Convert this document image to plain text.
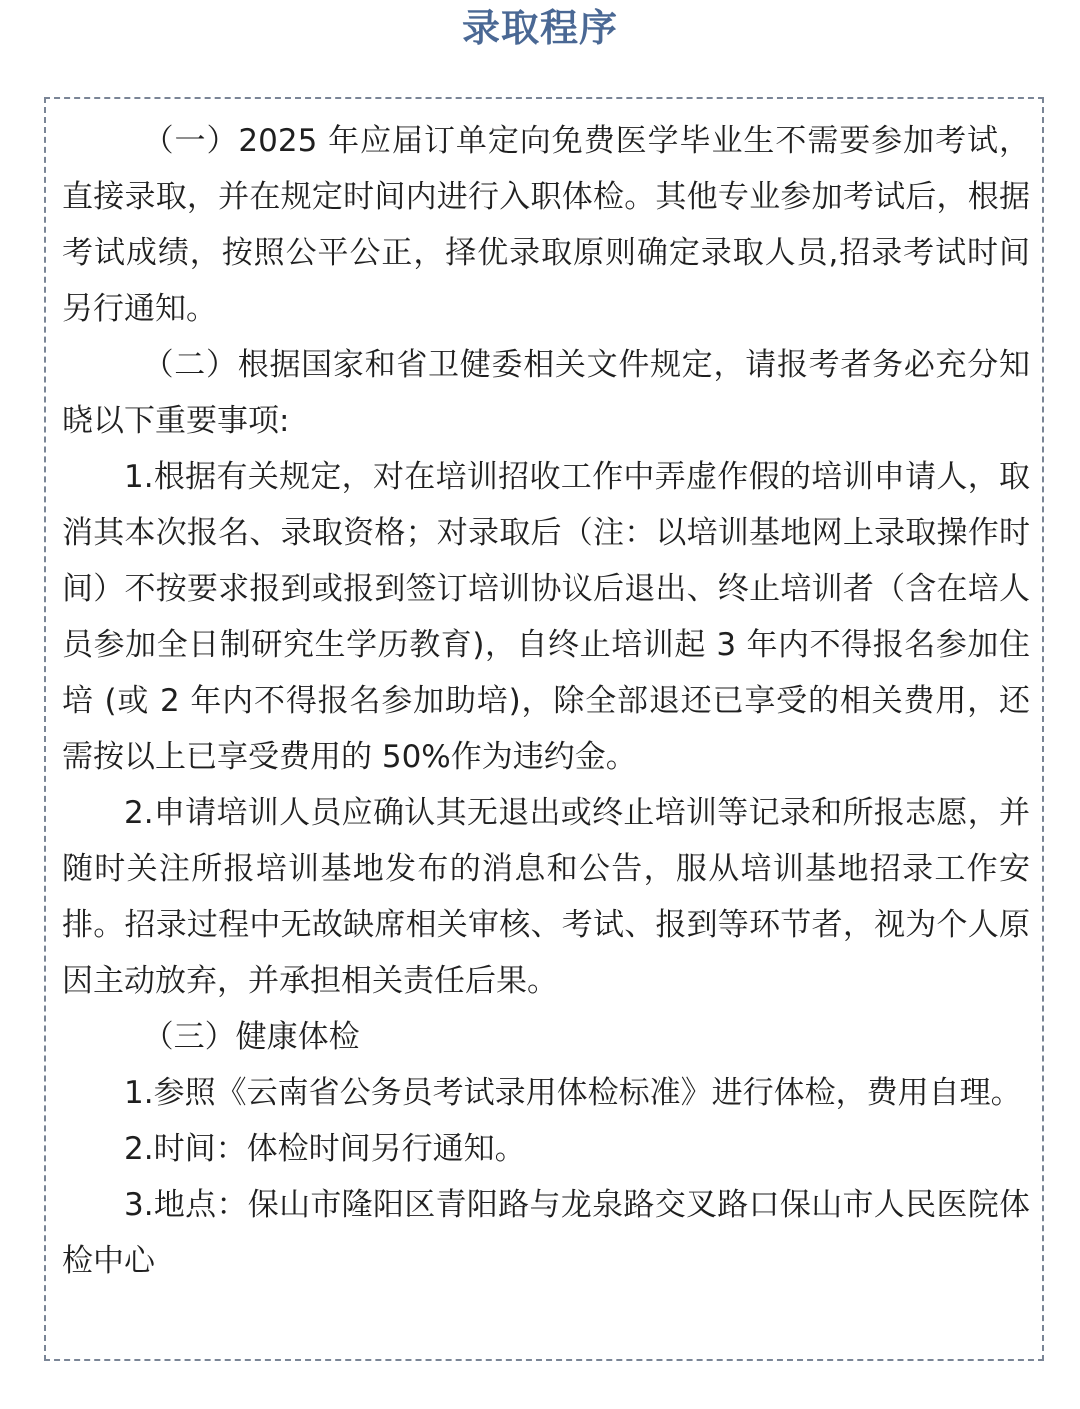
录取程序

（一）2025 年应届订单定向免费医学毕业生不需要参加考试，直接录取，并在规定时间内进行入职体检。其他专业参加考试后，根据考试成绩，按照公平公正，择优录取原则确定录取人员,招录考试时间另行通知。

（二）根据国家和省卫健委相关文件规定，请报考者务必充分知晓以下重要事项:

1.根据有关规定，对在培训招收工作中弄虚作假的培训申请人，取消其本次报名、录取资格；对录取后（注：以培训基地网上录取操作时间）不按要求报到或报到签订培训协议后退出、终止培训者（含在培人员参加全日制研究生学历教育)，自终止培训起 3 年内不得报名参加住培 (或 2 年内不得报名参加助培)，除全部退还已享受的相关费用，还需按以上已享受费用的 50%作为违约金。

2.申请培训人员应确认其无退出或终止培训等记录和所报志愿，并随时关注所报培训基地发布的消息和公告，服从培训基地招录工作安排。招录过程中无故缺席相关审核、考试、报到等环节者，视为个人原因主动放弃，并承担相关责任后果。

（三）健康体检

1.参照《云南省公务员考试录用体检标准》进行体检，费用自理。

2.时间：体检时间另行通知。

3.地点：保山市隆阳区青阳路与龙泉路交叉路口保山市人民医院体检中心
